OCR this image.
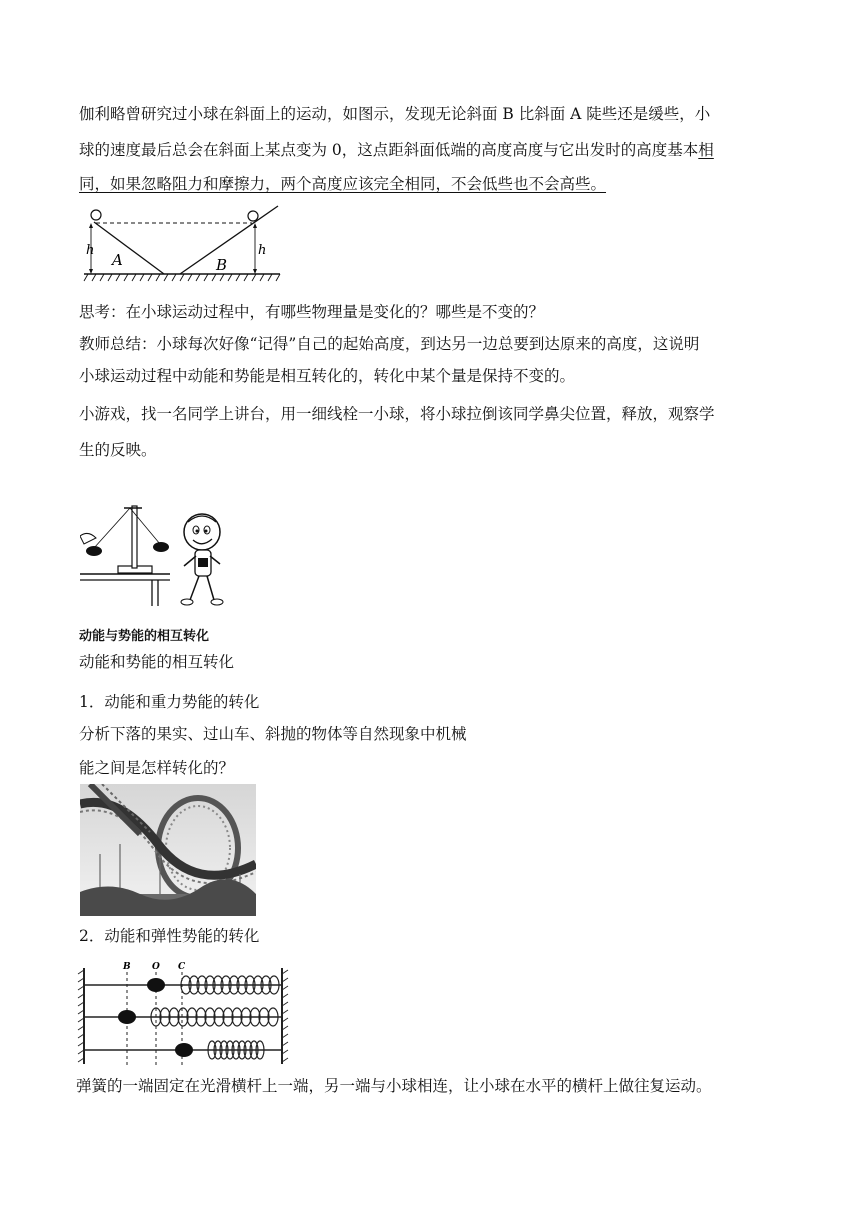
伽利略曾研究过小球在斜面上的运动，如图示，发现无论斜面 B 比斜面 A 陡些还是缓些，小

球的速度最后总会在斜面上某点变为 0，这点距斜面低端的高度高度与它出发时的高度基本相

同，如果忽略阻力和摩擦力，两个高度应该完全相同，不会低些也不会高些。

h	h
A	B

思考：在小球运动过程中，有哪些物理量是变化的？哪些是不变的？

教师总结：小球每次好像“记得”自己的起始高度，到达另一边总要到达原来的高度，这说明

小球运动过程中动能和势能是相互转化的，转化中某个量是保持不变的。

小游戏，找一名同学上讲台，用一细线栓一小球，将小球拉倒该同学鼻尖位置，释放，观察学

生的反映。

动能与势能的相互转化

动能和势能的相互转化

1．动能和重力势能的转化

分析下落的果实、过山车、斜抛的物体等自然现象中机械

能之间是怎样转化的？

2．动能和弹性势能的转化

B O C

弹簧的一端固定在光滑横杆上一端，另一端与小球相连，让小球在水平的横杆上做往复运动。
